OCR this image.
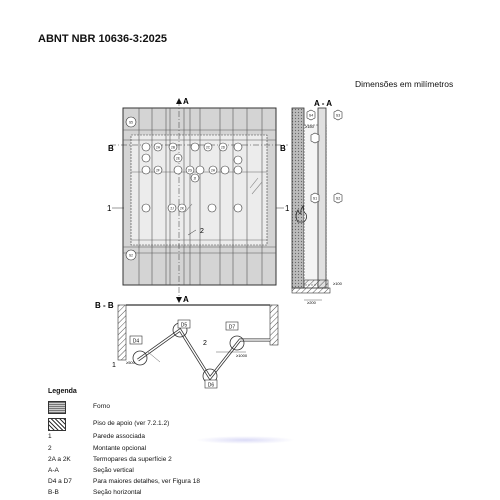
ABNT NBR 10636-3:2025
Dimensões em milímetros
S5
S2
2A	2B	2C	2D
2E
2F	2G	2H
2I
2J 2K
1
2
1
A
A
B	B
A - A
S4	S3
S1	S2
≥150
≥100
≥200
B - B
D5
D4
D6
D7
2
1	≥500
≥1000
Legenda
Forno
Piso de apoio (ver 7.2.1.2)
1	Parede associada
2	Montante opcional
2A a 2K	Termopares da superfície 2
A-A	Seção vertical
D4 a D7	Para maiores detalhes, ver Figura 18
B-B	Seção horizontal
